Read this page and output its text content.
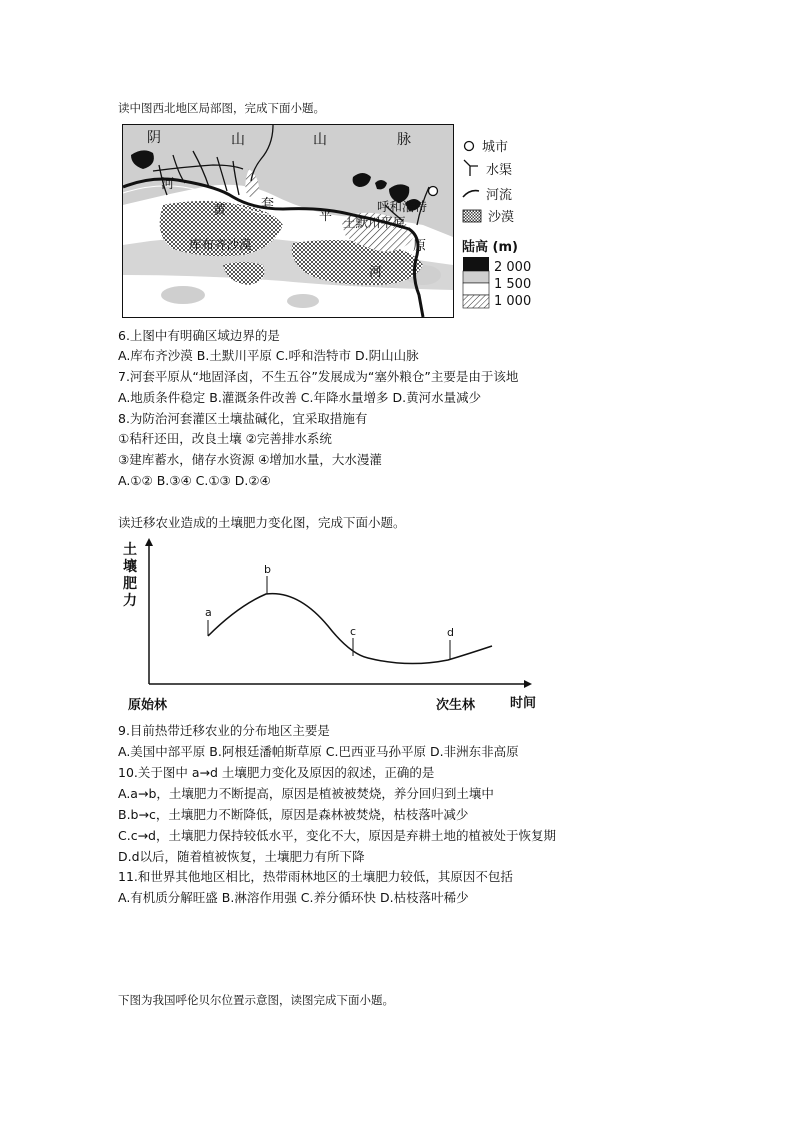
读中图西北地区局部图，完成下面小题。
阴	山	山	脉
河
黄	套
平
原
河
库布齐沙漠
呼和浩特
土默川平原
城市
水渠
河流
沙漠
陆高 (m)
2 000
1 500
1 000
6.上图中有明确区域边界的是
A.库布齐沙漠 B.土默川平原 C.呼和浩特市 D.阴山山脉
7.河套平原从“地固泽卤，不生五谷”发展成为“塞外粮仓”主要是由于该地
A.地质条件稳定 B.灌溉条件改善 C.年降水量增多 D.黄河水量减少
8.为防治河套灌区土壤盐碱化，宜采取措施有
①秸秆还田，改良土壤 ②完善排水系统
③建库蓄水，储存水资源 ④增加水量，大水漫灌
A.①② B.③④ C.①③ D.②④
读迁移农业造成的土壤肥力变化图，完成下面小题。
土壤肥力
a
b
c	d
原始林	次生林	时间
9.目前热带迁移农业的分布地区主要是
A.美国中部平原 B.阿根廷潘帕斯草原 C.巴西亚马孙平原 D.非洲东非高原
10.关于图中 a→d 土壤肥力变化及原因的叙述，正确的是
A.a→b，土壤肥力不断提高，原因是植被被焚烧，养分回归到土壤中
B.b→c，土壤肥力不断降低，原因是森林被焚烧，枯枝落叶减少
C.c→d，土壤肥力保持较低水平，变化不大，原因是弃耕土地的植被处于恢复期
D.d以后，随着植被恢复，土壤肥力有所下降
11.和世界其他地区相比，热带雨林地区的土壤肥力较低，其原因不包括
A.有机质分解旺盛 B.淋溶作用强 C.养分循环快 D.枯枝落叶稀少
下图为我国呼伦贝尔位置示意图，读图完成下面小题。
